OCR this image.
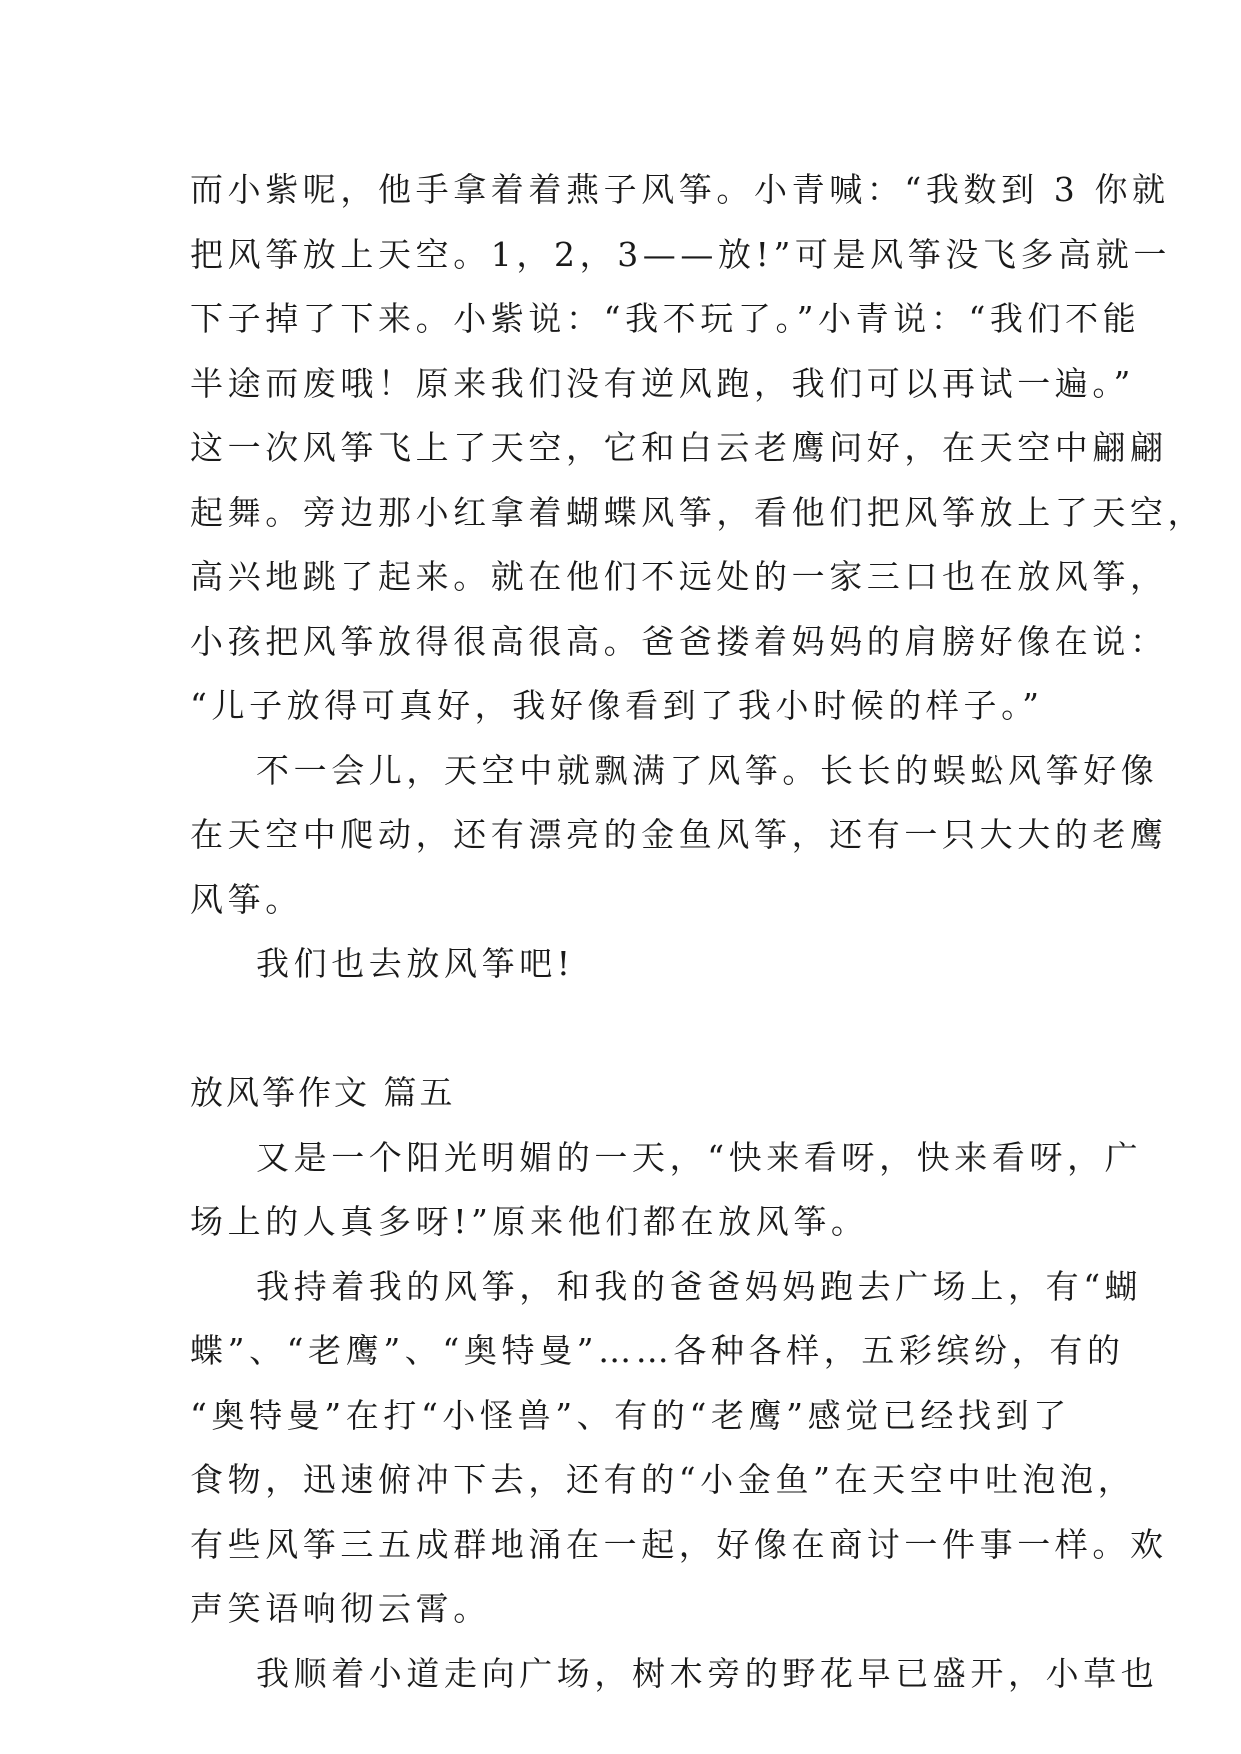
而小紫呢，他手拿着着燕子风筝。小青喊：“我数到 3 你就
把风筝放上天空。1，2，3——放!”可是风筝没飞多高就一
下子掉了下来。小紫说：“我不玩了。”小青说：“我们不能
半途而废哦！原来我们没有逆风跑，我们可以再试一遍。”
这一次风筝飞上了天空，它和白云老鹰问好，在天空中翩翩
起舞。旁边那小红拿着蝴蝶风筝，看他们把风筝放上了天空，
高兴地跳了起来。就在他们不远处的一家三口也在放风筝，
小孩把风筝放得很高很高。爸爸搂着妈妈的肩膀好像在说：
“儿子放得可真好，我好像看到了我小时候的样子。”
不一会儿，天空中就飘满了风筝。长长的蜈蚣风筝好像
在天空中爬动，还有漂亮的金鱼风筝，还有一只大大的老鹰
风筝。
我们也去放风筝吧!
放风筝作文 篇五
又是一个阳光明媚的一天，“快来看呀，快来看呀，广
场上的人真多呀!”原来他们都在放风筝。
我持着我的风筝，和我的爸爸妈妈跑去广场上，有“蝴
蝶”、“老鹰”、“奥特曼”……各种各样，五彩缤纷，有的
“奥特曼”在打“小怪兽”、有的“老鹰”感觉已经找到了
食物，迅速俯冲下去，还有的“小金鱼”在天空中吐泡泡，
有些风筝三五成群地涌在一起，好像在商讨一件事一样。欢
声笑语响彻云霄。
我顺着小道走向广场，树木旁的野花早已盛开，小草也
